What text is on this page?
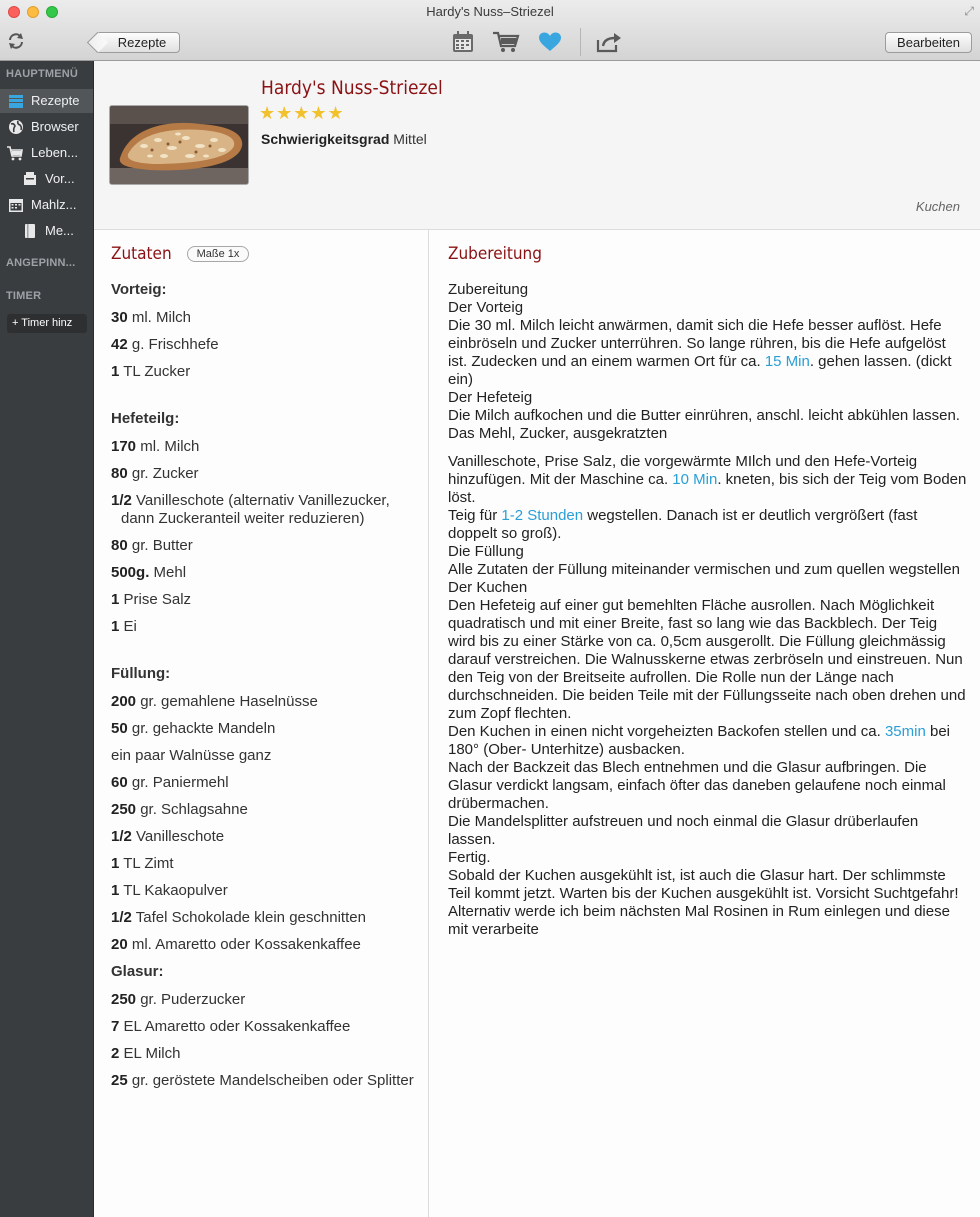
Hardy's Nuss–Striezel	⤢
Rezepte	Bearbeiten
HAUPTMENÜ
Rezepte
Browser
Leben...
Vor...
Mahlz...
Me...
ANGEPINN...
TIMER
+ Timer hinz
Hardy's Nuss-Striezel
★★★★★
Schwierigkeitsgrad Mittel
Kuchen
Zutaten	Maße 1x
Vorteig:
30 ml. Milch
42 g. Frischhefe
1 TL Zucker
Hefeteilg:
170 ml. Milch
80 gr. Zucker
1/2 Vanilleschote (alternativ Vanillezucker, dann Zuckeranteil weiter reduzieren)
80 gr. Butter
500g. Mehl
1 Prise Salz
1 Ei
Füllung:
200 gr. gemahlene Haselnüsse
50 gr. gehackte Mandeln
ein paar Walnüsse ganz
60 gr. Paniermehl
250 gr. Schlagsahne
1/2 Vanilleschote
1 TL Zimt
1 TL Kakaopulver
1/2 Tafel Schokolade klein geschnitten
20 ml. Amaretto oder Kossakenkaffee
Glasur:
250 gr. Puderzucker
7 EL Amaretto oder Kossakenkaffee
2 EL Milch
25 gr. geröstete Mandelscheiben oder Splitter
Zubereitung

Zubereitung

Der Vorteig

Die 30 ml. Milch leicht anwärmen, damit sich die Hefe besser auflöst. Hefe einbröseln und Zucker unterrühren. So lange rühren, bis die Hefe aufgelöst ist. Zudecken und an einem warmen Ort für ca. 15 Min. gehen lassen. (dickt ein)

Der Hefeteig

Die Milch aufkochen und die Butter einrühren, anschl. leicht abkühlen lassen. Das Mehl, Zucker, ausgekratzten

Vanilleschote, Prise Salz, die vorgewärmte MIlch und den Hefe-Vorteig hinzufügen. Mit der Maschine ca. 10 Min. kneten, bis sich der Teig vom Boden löst.

Teig für 1-2 Stunden wegstellen. Danach ist er deutlich vergrößert (fast doppelt so groß).

Die Füllung

Alle Zutaten der Füllung miteinander vermischen und zum quellen wegstellen

Der Kuchen

Den Hefeteig auf einer gut bemehlten Fläche ausrollen. Nach Möglichkeit quadratisch und mit einer Breite, fast so lang wie das Backblech. Der Teig wird bis zu einer Stärke von ca. 0,5cm ausgerollt. Die Füllung gleichmässig darauf verstreichen. Die Walnusskerne etwas zerbröseln und einstreuen. Nun den Teig von der Breitseite aufrollen. Die Rolle nun der Länge nach durchschneiden. Die beiden Teile mit der Füllungsseite nach oben drehen und zum Zopf flechten.

Den Kuchen in einen nicht vorgeheizten Backofen stellen und ca. 35min bei 180° (Ober- Unterhitze) ausbacken.

Nach der Backzeit das Blech entnehmen und die Glasur aufbringen. Die Glasur verdickt langsam, einfach öfter das daneben gelaufene noch einmal drübermachen.

Die Mandelsplitter aufstreuen und noch einmal die Glasur drüberlaufen lassen.

Fertig.

Sobald der Kuchen ausgekühlt ist, ist auch die Glasur hart. Der schlimmste Teil kommt jetzt. Warten bis der Kuchen ausgekühlt ist. Vorsicht Suchtgefahr!

Alternativ werde ich beim nächsten Mal Rosinen in Rum einlegen und diese mit verarbeite
